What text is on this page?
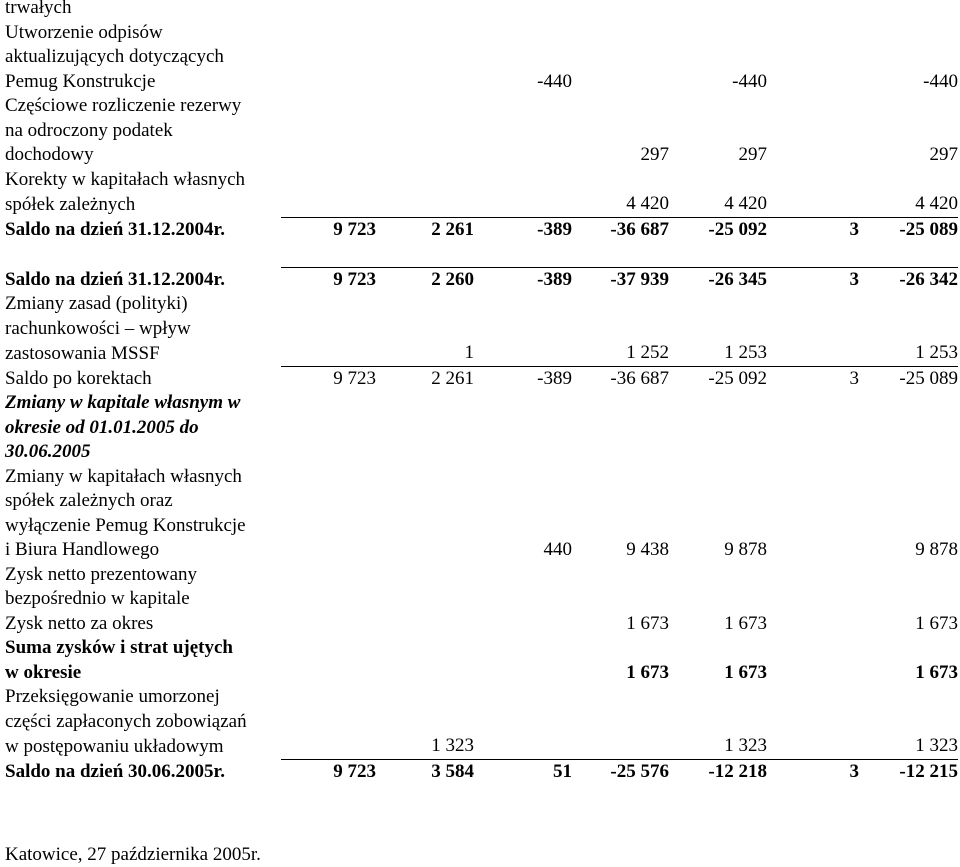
trwałych								
Utworzenie odpisów								
aktualizujących dotyczących								
Pemug Konstrukcje				-440		-440		-440
Częściowe rozliczenie rezerwy								
na odroczony podatek								
dochodowy					297	297		297
Korekty w kapitałach własnych								
spółek zależnych					4 420	4 420		4 420
Saldo na dzień 31.12.2004r.	9 723	2 261		-389	-36 687	-25 092	3	-25 089

Saldo na dzień 31.12.2004r.	9 723	2 260		-389	-37 939	-26 345	3	-26 342
Zmiany zasad (polityki)								
rachunkowości – wpływ								
zastosowania MSSF		1			1 252	1 253		1 253
Saldo po korektach	9 723	2 261		-389	-36 687	-25 092	3	-25 089
Zmiany w kapitale własnym w								
okresie od 01.01.2005 do								
30.06.2005								
Zmiany w kapitałach własnych								
spółek zależnych oraz								
wyłączenie Pemug Konstrukcje								
i Biura Handlowego				440	9 438	9 878		9 878
Zysk netto prezentowany								
bezpośrednio w kapitale								
Zysk netto za okres					1 673	1 673		1 673
Suma zysków i strat ujętych								
w okresie					1 673	1 673		1 673
Przeksięgowanie umorzonej								
części zapłaconych zobowiązań								
w postępowaniu układowym		1 323				1 323		1 323
Saldo na dzień 30.06.2005r.	9 723	3 584		51	-25 576	-12 218	3	-12 215
Katowice, 27 października 2005r.
